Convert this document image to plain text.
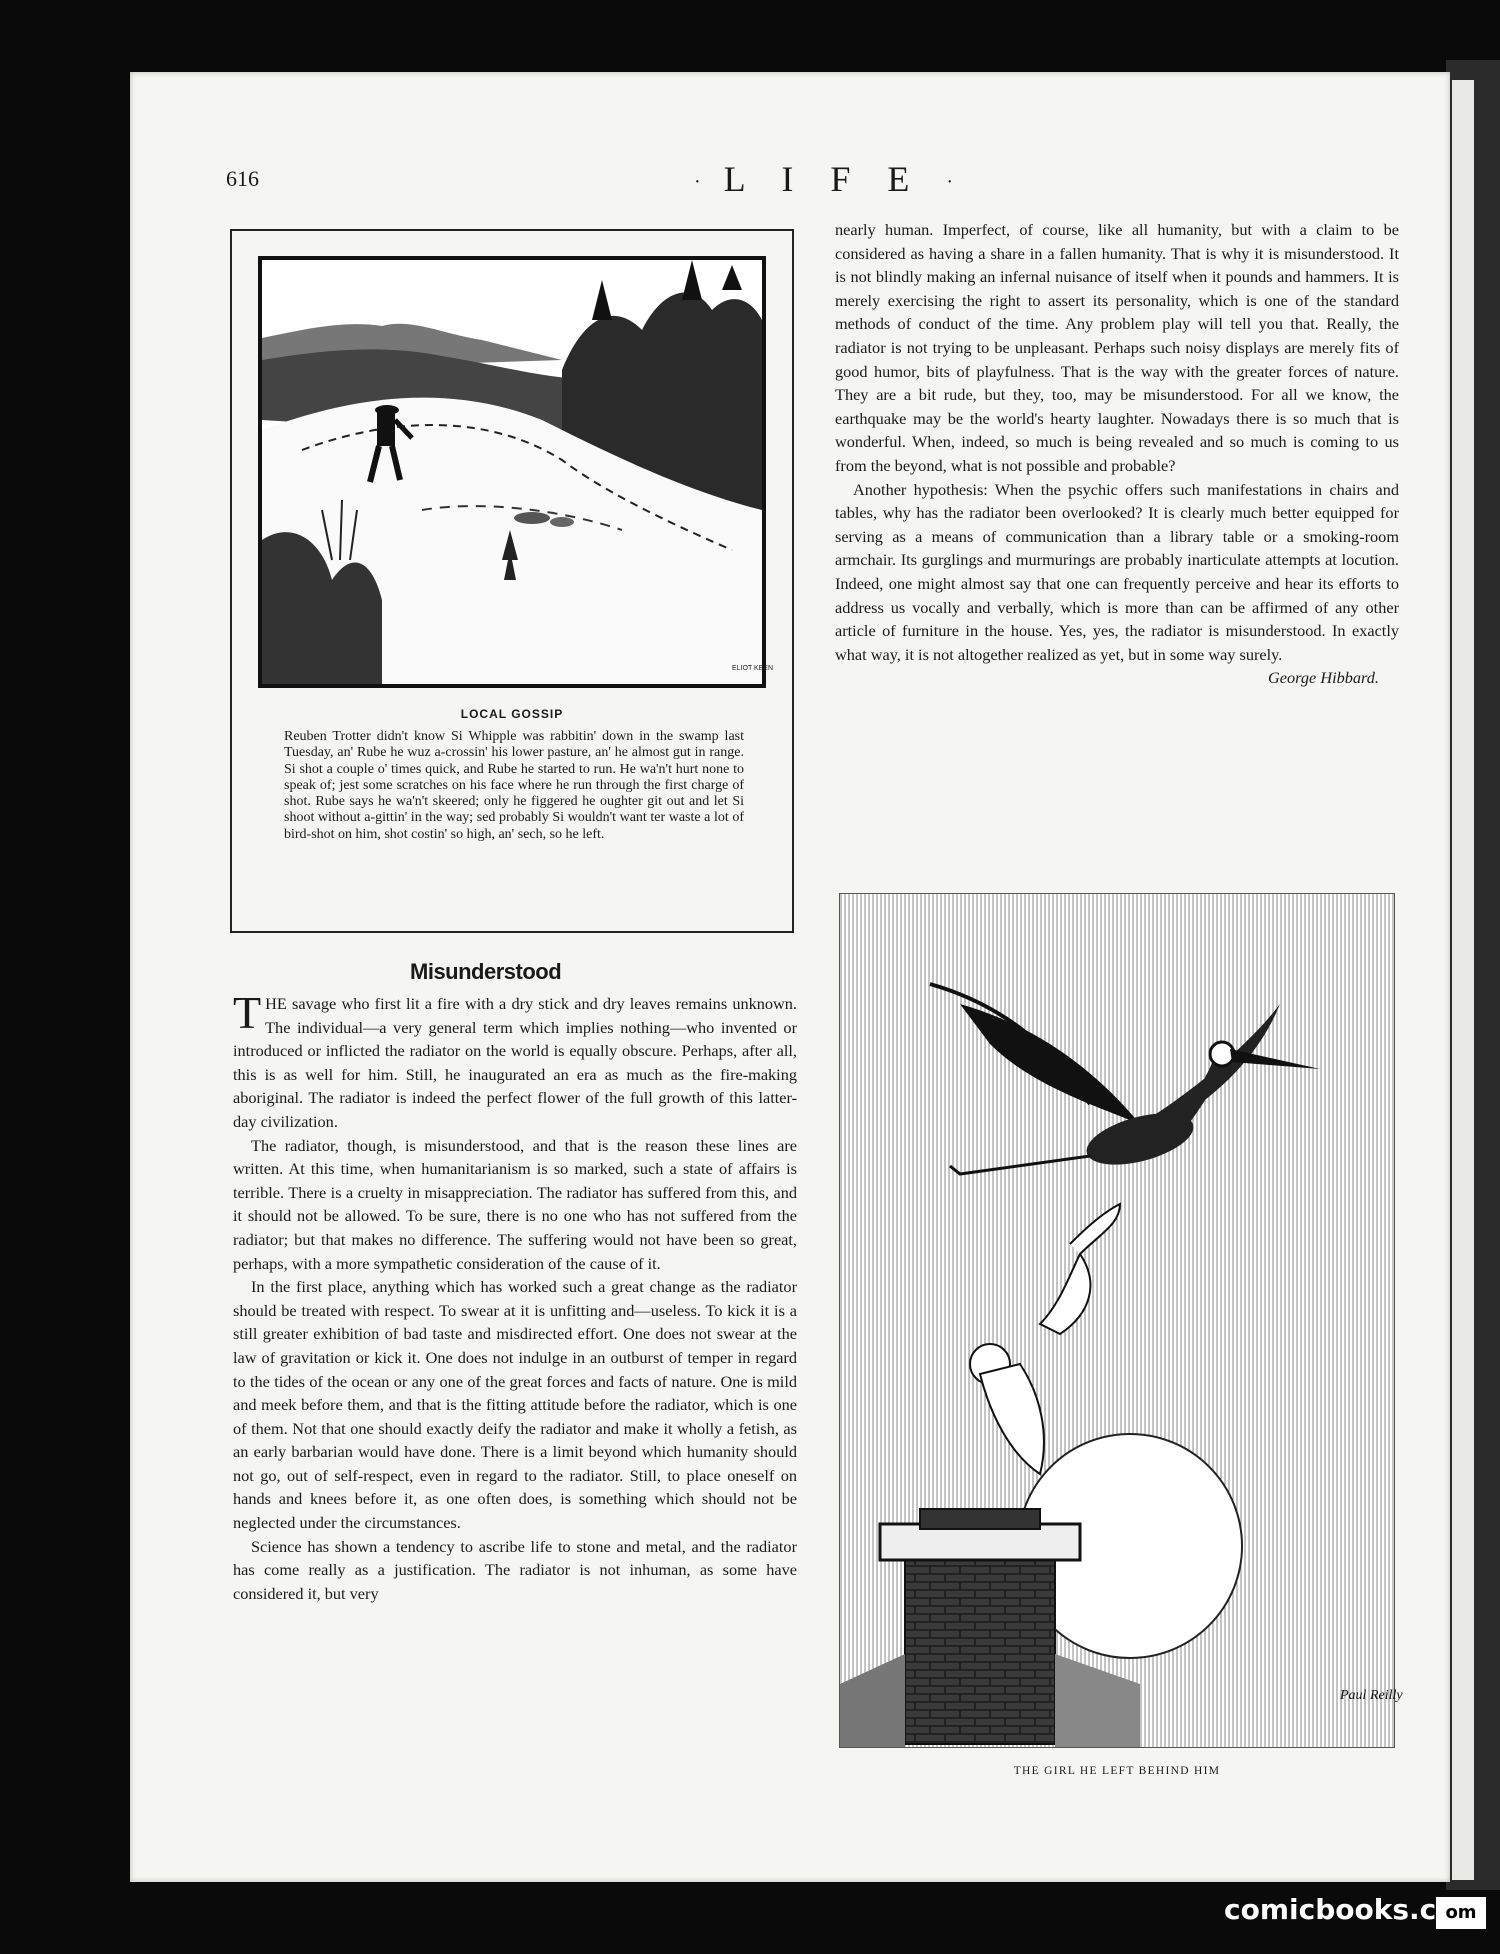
616	· L I F E ·
ELIOT KEEN
LOCAL GOSSIP
Reuben Trotter didn't know Si Whipple was rabbitin' down in the swamp last Tuesday, an' Rube he wuz a-crossin' his lower pasture, an' he almost gut in range. Si shot a couple o' times quick, and Rube he started to run. He wa'n't hurt none to speak of; jest some scratches on his face where he run through the first charge of shot. Rube says he wa'n't skeered; only he figgered he oughter git out and let Si shoot without a-gittin' in the way; sed probably Si wouldn't want ter waste a lot of bird-shot on him, shot costin' so high, an' sech, so he left.
Misunderstood

THE savage who first lit a fire with a dry stick and dry leaves remains unknown. The individual—a very general term which implies nothing—who invented or introduced or inflicted the radiator on the world is equally obscure. Perhaps, after all, this is as well for him. Still, he inaugurated an era as much as the fire-making aboriginal. The radiator is indeed the perfect flower of the full growth of this latter-day civilization.

The radiator, though, is misunderstood, and that is the reason these lines are written. At this time, when humanitarianism is so marked, such a state of affairs is terrible. There is a cruelty in misappreciation. The radiator has suffered from this, and it should not be allowed. To be sure, there is no one who has not suffered from the radiator; but that makes no difference. The suffering would not have been so great, perhaps, with a more sympathetic consideration of the cause of it.

In the first place, anything which has worked such a great change as the radiator should be treated with respect. To swear at it is unfitting and—useless. To kick it is a still greater exhibition of bad taste and misdirected effort. One does not swear at the law of gravitation or kick it. One does not indulge in an outburst of temper in regard to the tides of the ocean or any one of the great forces and facts of nature. One is mild and meek before them, and that is the fitting attitude before the radiator, which is one of them. Not that one should exactly deify the radiator and make it wholly a fetish, as an early barbarian would have done. There is a limit beyond which humanity should not go, out of self-respect, even in regard to the radiator. Still, to place oneself on hands and knees before it, as one often does, is something which should not be neglected under the circumstances.

Science has shown a tendency to ascribe life to stone and metal, and the radiator has come really as a justification. The radiator is not inhuman, as some have considered it, but very

nearly human. Imperfect, of course, like all humanity, but with a claim to be considered as having a share in a fallen humanity. That is why it is misunderstood. It is not blindly making an infernal nuisance of itself when it pounds and hammers. It is merely exercising the right to assert its personality, which is one of the standard methods of conduct of the time. Any problem play will tell you that. Really, the radiator is not trying to be unpleasant. Perhaps such noisy displays are merely fits of good humor, bits of playfulness. That is the way with the greater forces of nature. They are a bit rude, but they, too, may be misunderstood. For all we know, the earthquake may be the world's hearty laughter. Nowadays there is so much that is wonderful. When, indeed, so much is being revealed and so much is coming to us from the beyond, what is not possible and probable?

Another hypothesis: When the psychic offers such manifestations in chairs and tables, why has the radiator been overlooked? It is clearly much better equipped for serving as a means of communication than a library table or a smoking-room armchair. Its gurglings and murmurings are probably inarticulate attempts at locution. Indeed, one might almost say that one can frequently perceive and hear its efforts to address us vocally and verbally, which is more than can be affirmed of any other article of furniture in the house. Yes, yes, the radiator is misunderstood. In exactly what way, it is not altogether realized as yet, but in some way surely.

George Hibbard.
Paul Reilly
THE GIRL HE LEFT BEHIND HIM
comicbooks.c om
